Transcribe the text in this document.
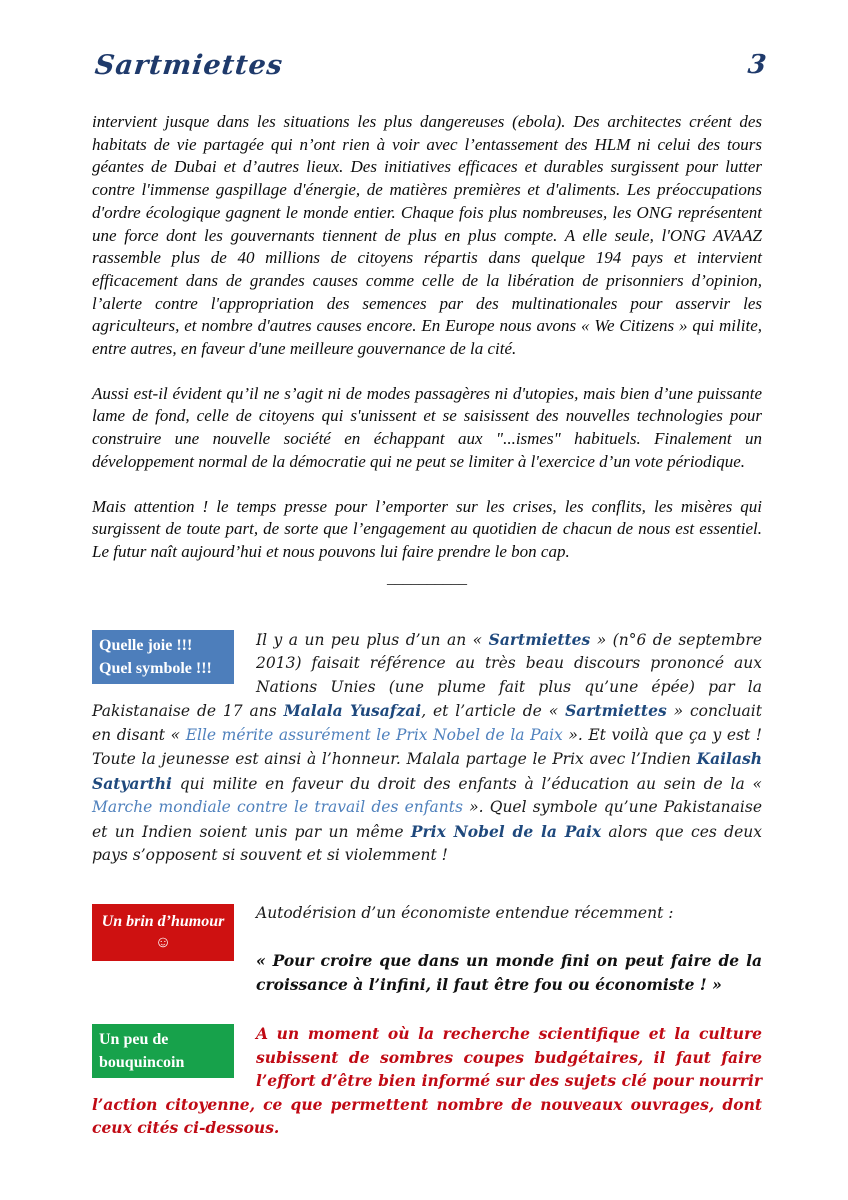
Sartmiettes	3

intervient jusque dans les situations les plus dangereuses (ebola). Des architectes créent des habitats de vie partagée qui n’ont rien à voir avec l’entassement des HLM ni celui des tours géantes de Dubai et d’autres lieux. Des initiatives efficaces et durables surgissent pour lutter contre l'immense gaspillage d'énergie, de matières premières et d'aliments. Les préoccupations d'ordre écologique gagnent le monde entier. Chaque fois plus nombreuses, les ONG représentent une force dont les gouvernants tiennent de plus en plus compte. A elle seule, l'ONG AVAAZ rassemble plus de 40 millions de citoyens répartis dans quelque 194 pays et intervient efficacement dans de grandes causes comme celle de la libération de prisonniers d’opinion, l’alerte contre l'appropriation des semences par des multinationales pour asservir les agriculteurs, et nombre d'autres causes encore. En Europe nous avons « We Citizens » qui milite, entre autres, en faveur d'une meilleure gouvernance de la cité.

Aussi est-il évident qu’il ne s’agit ni de modes passagères ni d'utopies, mais bien d’une puissante lame de fond, celle de citoyens qui s'unissent et se saisissent des nouvelles technologies pour construire une nouvelle société en échappant aux "...ismes" habituels. Finalement un développement normal de la démocratie qui ne peut se limiter à l'exercice d’un vote périodique.

Mais attention ! le temps presse pour l’emporter sur les crises, les conflits, les misères qui surgissent de toute part, de sorte que l’engagement au quotidien de chacun de nous est essentiel. Le futur naît aujourd’hui et nous pouvons lui faire prendre le bon cap.

__________
Quelle joie !!!
Quel symbole !!!

Il y a un peu plus d’un an « Sartmiettes » (n°6 de septembre 2013) faisait référence au très beau discours prononcé aux Nations Unies (une plume fait plus qu’une épée) par la Pakistanaise de 17 ans Malala Yusafzai, et l’article de « Sartmiettes » concluait en disant « Elle mérite assurément le Prix Nobel de la Paix ». Et voilà que ça y est ! Toute la jeunesse est ainsi à l’honneur. Malala partage le Prix avec l’Indien Kailash Satyarthi qui milite en faveur du droit des enfants à l’éducation au sein de la « Marche mondiale contre le travail des enfants ». Quel symbole qu’une Pakistanaise et un Indien soient unis par un même Prix Nobel de la Paix alors que ces deux pays s’opposent si souvent et si violemment !

Un brin d’humour
☺

Autodérision d’un économiste entendue récemment :

« Pour croire que dans un monde fini on peut faire de la croissance à l’infini, il faut être fou ou économiste ! »

Un peu de
bouquincoin

A un moment où la recherche scientifique et la culture subissent de sombres coupes budgétaires, il faut faire l’effort d’être bien informé sur des sujets clé pour nourrir l’action citoyenne, ce que permettent nombre de nouveaux ouvrages, dont ceux cités ci-dessous.
